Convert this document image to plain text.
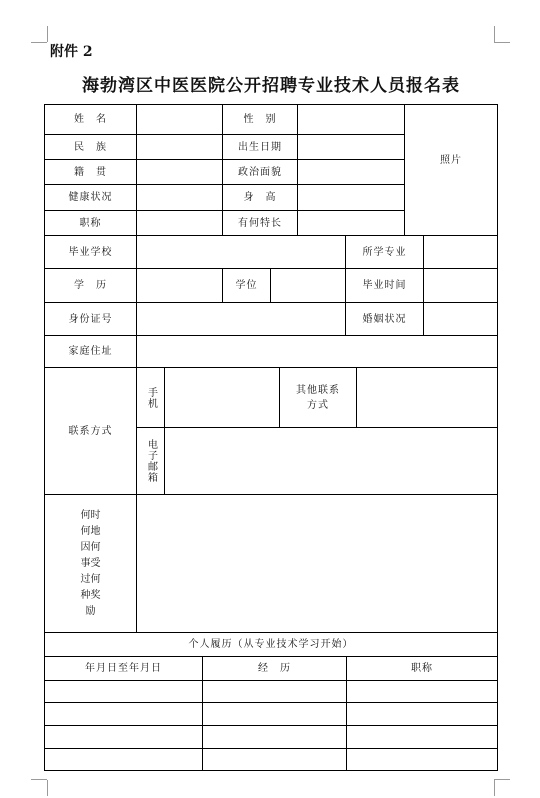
附件 2
海勃湾区中医医院公开招聘专业技术人员报名表
姓　名	性　别
照片
民　族	出生日期
籍　贯	政治面貌
健康状况	身　高
职称	有何特长
毕业学校	所学专业
学　历	学位	毕业时间
身份证号	婚姻状况
家庭住址
联系方式
手机	其他联系
方式
电子邮箱
何时何地因何事受过何种奖励
个人履历（从专业技术学习开始）
年月日至年月日	经　历	职称
